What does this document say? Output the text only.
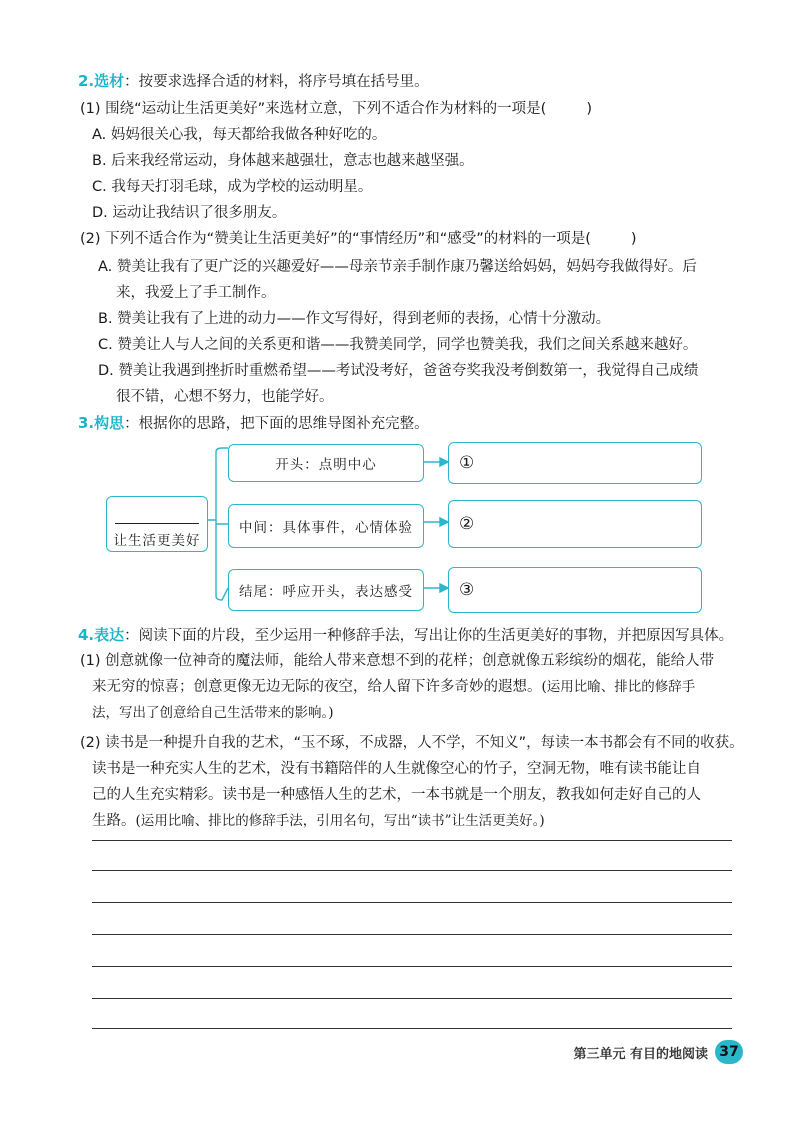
2.选材：按要求选择合适的材料，将序号填在括号里。
(1) 围绕“运动让生活更美好”来选材立意，下列不适合作为材料的一项是(	)
A. 妈妈很关心我，每天都给我做各种好吃的。
B. 后来我经常运动，身体越来越强壮，意志也越来越坚强。
C. 我每天打羽毛球，成为学校的运动明星。
D. 运动让我结识了很多朋友。
(2) 下列不适合作为“赞美让生活更美好”的“事情经历”和“感受”的材料的一项是(	)
A. 赞美让我有了更广泛的兴趣爱好——母亲节亲手制作康乃馨送给妈妈，妈妈夸我做得好。后
来，我爱上了手工制作。
B. 赞美让我有了上进的动力——作文写得好，得到老师的表扬，心情十分激动。
C. 赞美让人与人之间的关系更和谐——我赞美同学，同学也赞美我，我们之间关系越来越好。
D. 赞美让我遇到挫折时重燃希望——考试没考好，爸爸夸奖我没考倒数第一，我觉得自己成绩
很不错，心想不努力，也能学好。
3.构思：根据你的思路，把下面的思维导图补充完整。
让生活更美好
开头：点明中心
中间：具体事件，心情体验
结尾：呼应开头，表达感受
①
②
③
4.表达：阅读下面的片段，至少运用一种修辞手法，写出让你的生活更美好的事物，并把原因写具体。
(1) 创意就像一位神奇的魔法师，能给人带来意想不到的花样；创意就像五彩缤纷的烟花，能给人带
来无穷的惊喜；创意更像无边无际的夜空，给人留下许多奇妙的遐想。(运用比喻、排比的修辞手
法，写出了创意给自己生活带来的影响。)
(2) 读书是一种提升自我的艺术，“玉不琢，不成器，人不学，不知义”，每读一本书都会有不同的收获。
读书是一种充实人生的艺术，没有书籍陪伴的人生就像空心的竹子，空洞无物，唯有读书能让自
己的人生充实精彩。读书是一种感悟人生的艺术，一本书就是一个朋友，教我如何走好自己的人
生路。(运用比喻、排比的修辞手法，引用名句，写出“读书”让生活更美好。)
第三单元 有目的地阅读 37
